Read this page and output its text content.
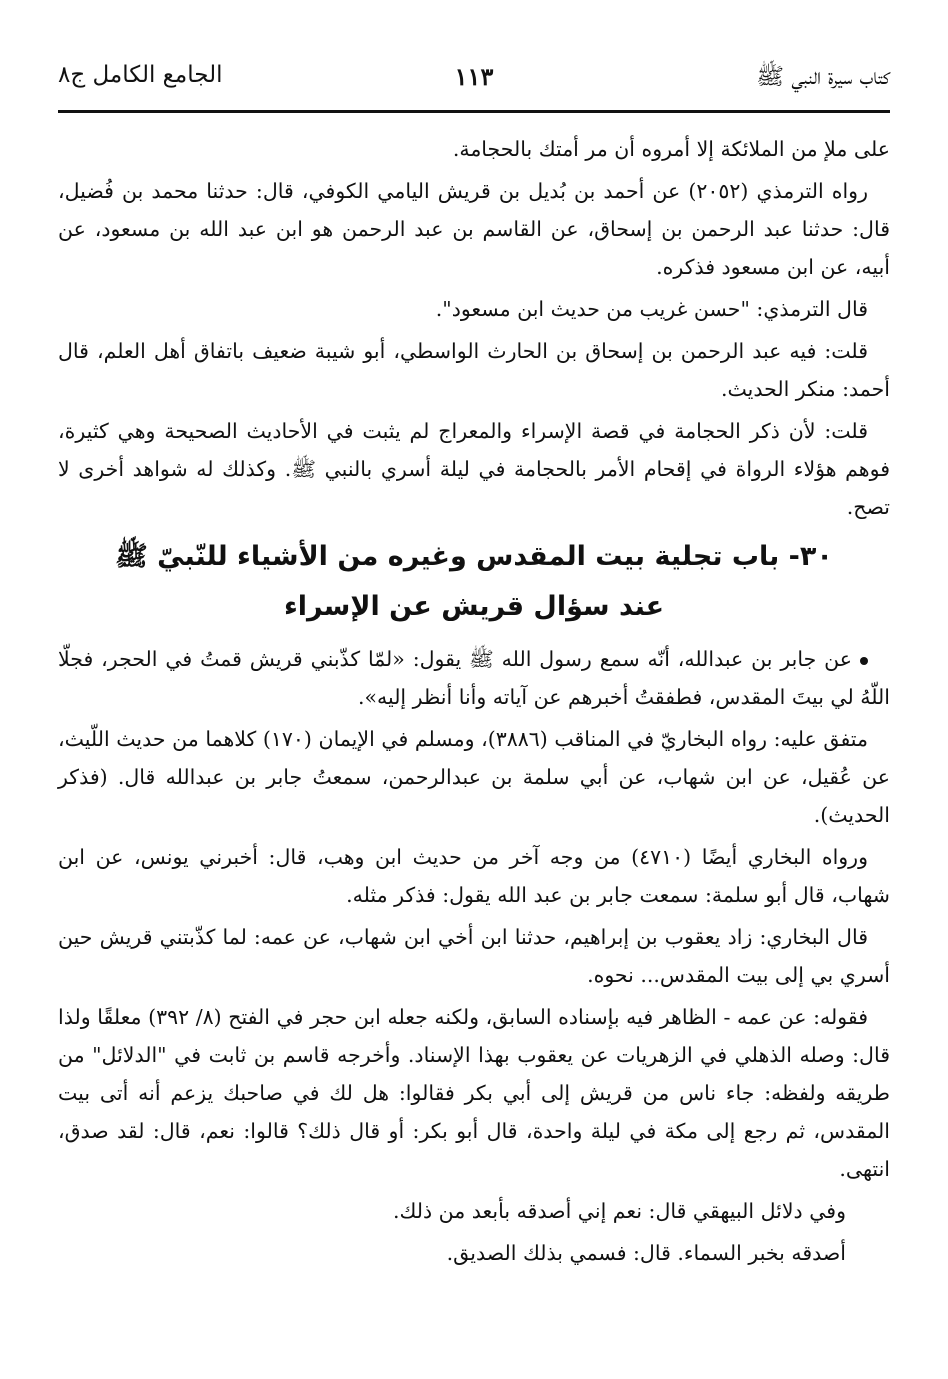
كتاب سيرة النبي ﷺ
١١٣
الجامع الكامل ج٨

على ملإ من الملائكة إلا أمروه أن مر أمتك بالحجامة.

رواه الترمذي (٢٠٥٢) عن أحمد بن بُديل بن قريش اليامي الكوفي، قال: حدثنا محمد بن فُضيل، قال: حدثنا عبد الرحمن بن إسحاق، عن القاسم بن عبد الرحمن هو ابن عبد الله بن مسعود، عن أبيه، عن ابن مسعود فذكره.

قال الترمذي: "حسن غريب من حديث ابن مسعود".

قلت: فيه عبد الرحمن بن إسحاق بن الحارث الواسطي، أبو شيبة ضعيف باتفاق أهل العلم، قال أحمد: منكر الحديث.

قلت: لأن ذكر الحجامة في قصة الإسراء والمعراج لم يثبت في الأحاديث الصحيحة وهي كثيرة، فوهم هؤلاء الرواة في إقحام الأمر بالحجامة في ليلة أسري بالنبي ﷺ. وكذلك له شواهد أخرى لا تصح.

٣٠- باب تجلية بيت المقدس وغيره من الأشياء للنّبيّ ﷺ
عند سؤال قريش عن الإسراء

عن جابر بن عبدالله، أنّه سمع رسول الله ﷺ يقول: «لمّا كذّبني قريش قمتُ في الحجر، فجلّا اللّهُ لي بيتَ المقدس، فطفقتُ أخبرهم عن آياته وأنا أنظر إليه».

متفق عليه: رواه البخاريّ في المناقب (٣٨٨٦)، ومسلم في الإيمان (١٧٠) كلاهما من حديث اللّيث، عن عُقيل، عن ابن شهاب، عن أبي سلمة بن عبدالرحمن، سمعتُ جابر بن عبدالله قال. (فذكر الحديث).

ورواه البخاري أيضًا (٤٧١٠) من وجه آخر من حديث ابن وهب، قال: أخبرني يونس، عن ابن شهاب، قال أبو سلمة: سمعت جابر بن عبد الله يقول: فذكر مثله.

قال البخاري: زاد يعقوب بن إبراهيم، حدثنا ابن أخي ابن شهاب، عن عمه: لما كذّبتني قريش حين أسري بي إلى بيت المقدس... نحوه.

فقوله: عن عمه - الظاهر فيه بإسناده السابق، ولكنه جعله ابن حجر في الفتح (٨/ ٣٩٢) معلقًا ولذا قال: وصله الذهلي في الزهريات عن يعقوب بهذا الإسناد. وأخرجه قاسم بن ثابت في "الدلائل" من طريقه ولفظه: جاء ناس من قريش إلى أبي بكر فقالوا: هل لك في صاحبك يزعم أنه أتى بيت المقدس، ثم رجع إلى مكة في ليلة واحدة، قال أبو بكر: أو قال ذلك؟ قالوا: نعم، قال: لقد صدق، انتهى.

وفي دلائل البيهقي قال: نعم إني أصدقه بأبعد من ذلك.

أصدقه بخبر السماء. قال: فسمي بذلك الصديق.
